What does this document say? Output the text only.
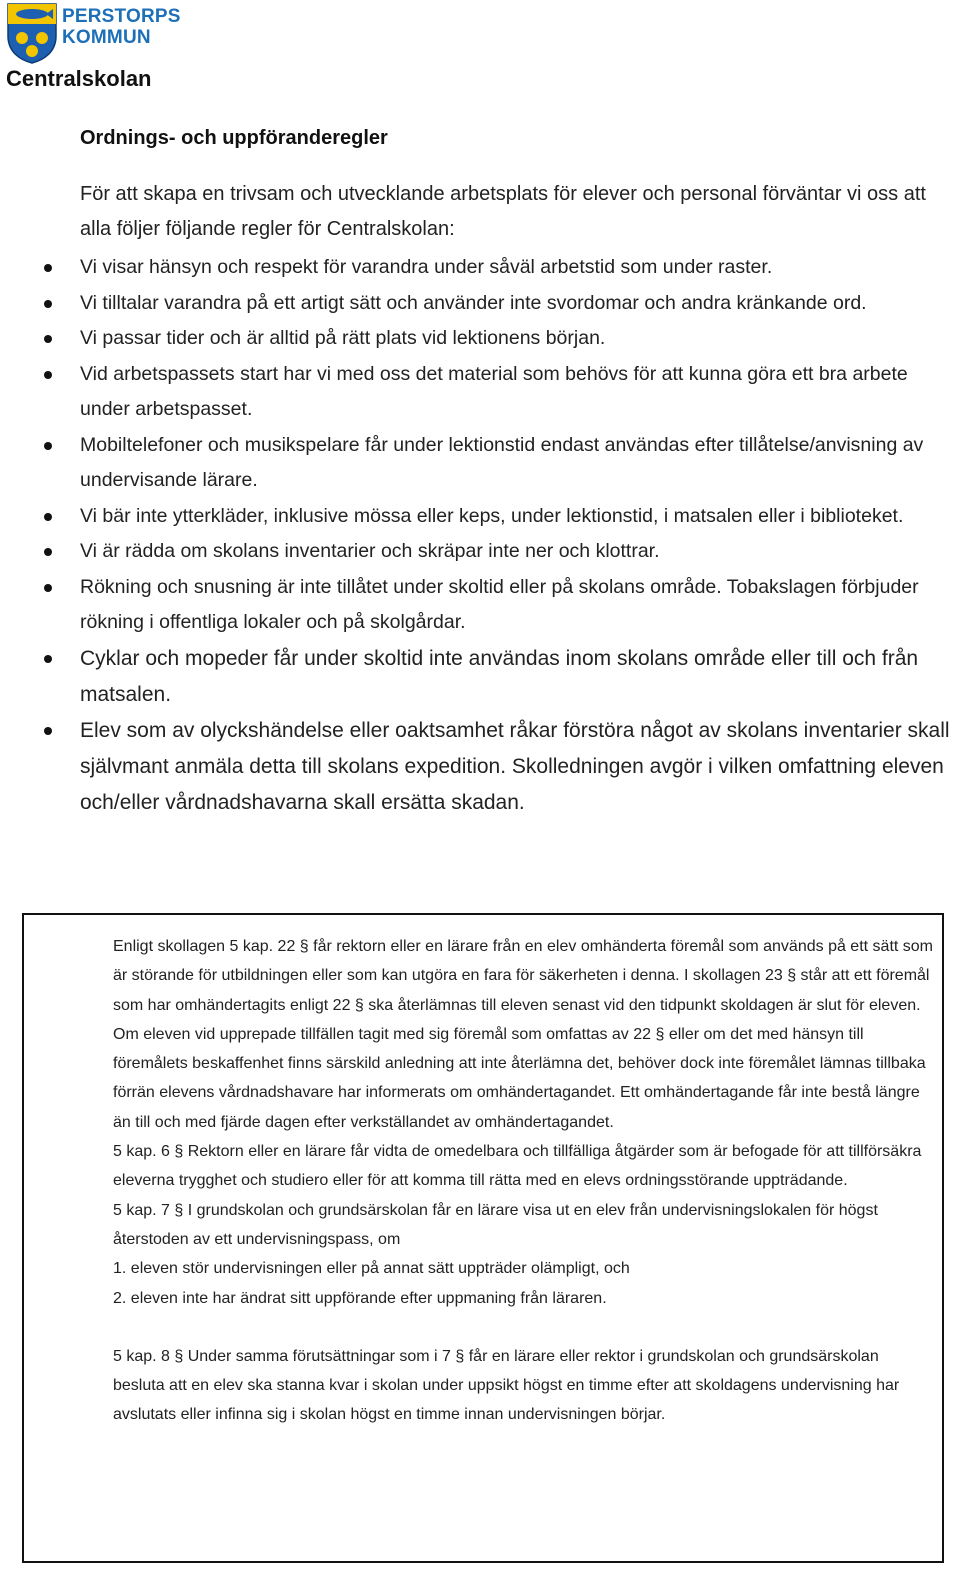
PERSTORPS
KOMMUN
Centralskolan
Ordnings- och uppföranderegler

För att skapa en trivsam och utvecklande arbetsplats för elever och personal förväntar vi oss att alla följer följande regler för Centralskolan:

Vi visar hänsyn och respekt för varandra under såväl arbetstid som under raster.
Vi tilltalar varandra på ett artigt sätt och använder inte svordomar och andra kränkande ord.
Vi passar tider och är alltid på rätt plats vid lektionens början.
Vid arbetspassets start har vi med oss det material som behövs för att kunna göra ett bra arbete under arbetspasset.
Mobiltelefoner och musikspelare får under lektionstid endast användas efter tillåtelse/anvisning av undervisande lärare.
Vi bär inte ytterkläder, inklusive mössa eller keps, under lektionstid, i matsalen eller i biblioteket.
Vi är rädda om skolans inventarier och skräpar inte ner och klottrar.
Rökning och snusning är inte tillåtet under skoltid eller på skolans område. Tobakslagen förbjuder rökning i offentliga lokaler och på skolgårdar.
Cyklar och mopeder får under skoltid inte användas inom skolans område eller till och från matsalen.
Elev som av olyckshändelse eller oaktsamhet råkar förstöra något av skolans inventarier skall självmant anmäla detta till skolans expedition. Skolledningen avgör i vilken omfattning eleven och/eller vårdnadshavarna skall ersätta skadan.

Enligt skollagen 5 kap. 22 § får rektorn eller en lärare från en elev omhänderta föremål som används på ett sätt som är störande för utbildningen eller som kan utgöra en fara för säkerheten i denna. I skollagen 23 § står att ett föremål som har omhändertagits enligt 22 § ska återlämnas till eleven senast vid den tidpunkt skoldagen är slut för eleven. Om eleven vid upprepade tillfällen tagit med sig föremål som omfattas av 22 § eller om det med hänsyn till föremålets beskaffenhet finns särskild anledning att inte återlämna det, behöver dock inte föremålet lämnas tillbaka förrän elevens vårdnadshavare har informerats om omhändertagandet. Ett omhändertagande får inte bestå längre än till och med fjärde dagen efter verkställandet av omhändertagandet.

5 kap. 6 § Rektorn eller en lärare får vidta de omedelbara och tillfälliga åtgärder som är befogade för att tillförsäkra eleverna trygghet och studiero eller för att komma till rätta med en elevs ordningsstörande uppträdande.

5 kap. 7 § I grundskolan och grundsärskolan får en lärare visa ut en elev från undervisningslokalen för högst återstoden av ett undervisningspass, om

1. eleven stör undervisningen eller på annat sätt uppträder olämpligt, och

2. eleven inte har ändrat sitt uppförande efter uppmaning från läraren.

5 kap. 8 § Under samma förutsättningar som i 7 § får en lärare eller rektor i grundskolan och grundsärskolan besluta att en elev ska stanna kvar i skolan under uppsikt högst en timme efter att skoldagens undervisning har avslutats eller infinna sig i skolan högst en timme innan undervisningen börjar.
